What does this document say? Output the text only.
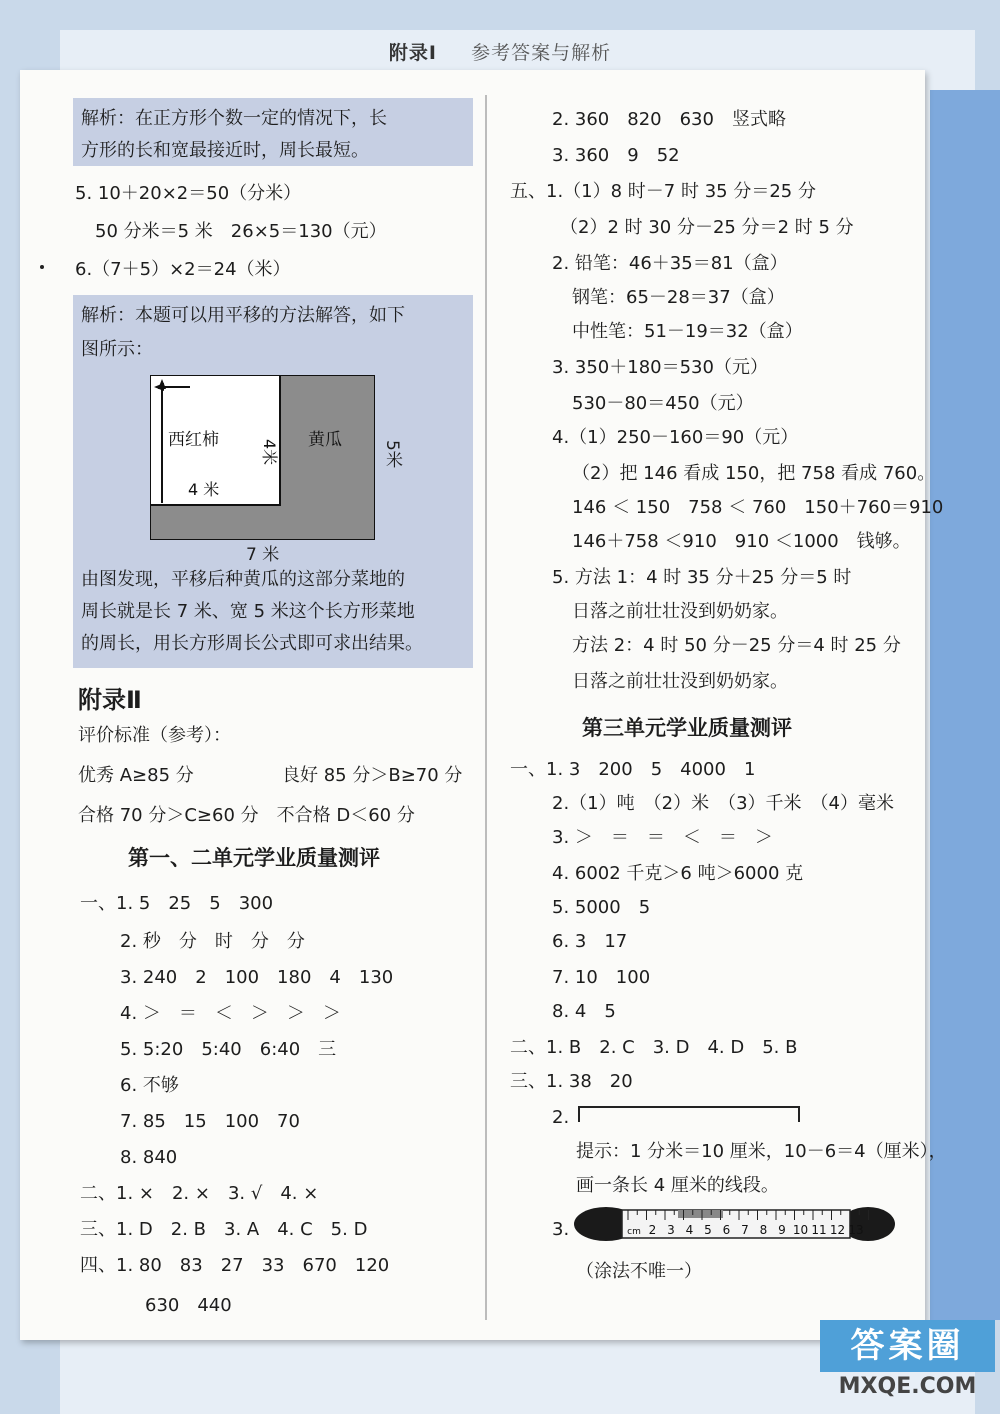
附录Ⅰ 　 参考答案与解析
解析：在正方形个数一定的情况下，长
方形的长和宽最接近时，周长最短。
5. 10＋20×2＝50（分米）
50 分米＝5 米　26×5＝130（元）
6.（7＋5）×2＝24（米）
解析：本题可以用平移的方法解答，如下
图所示：
由图发现，平移后种黄瓜的这部分菜地的
周长就是长 7 米、宽 5 米这个长方形菜地
的周长，用长方形周长公式即可求出结果。
西红柿	黄瓜
4 米
4米	5米
7 米
附录Ⅱ
评价标准（参考）：
优秀 A≥85 分	良好 85 分＞B≥70 分
合格 70 分＞C≥60 分　不合格 D＜60 分
第一、二单元学业质量测评
一、1. 5　25　5　300
2. 秒　分　时　分　分
3. 240　2　100　180　4　130
4. ＞　＝　＜　＞　＞　＞
5. 5:20　5:40　6:40　三
6. 不够
7. 85　15　100　70
8. 840
二、1. ×　2. ×　3. √　4. ×
三、1. D　2. B　3. A　4. C　5. D
四、1. 80　83　27　33　670　120
630　440
2. 360　820　630　竖式略
3. 360　9　52
五、1.（1）8 时－7 时 35 分＝25 分
（2）2 时 30 分－25 分＝2 时 5 分
2. 铅笔：46＋35＝81（盒）
钢笔：65－28＝37（盒）
中性笔：51－19＝32（盒）
3. 350＋180＝530（元）
530－80＝450（元）
4.（1）250－160＝90（元）
（2）把 146 看成 150，把 758 看成 760。
146 ＜ 150　758 ＜ 760　150＋760＝910
146＋758 ＜910　910 ＜1000　钱够。
5. 方法 1：4 时 35 分＋25 分＝5 时
日落之前壮壮没到奶奶家。
方法 2：4 时 50 分－25 分＝4 时 25 分
日落之前壮壮没到奶奶家。
第三单元学业质量测评
一、1. 3　200　5　4000　1
2.（1）吨　（2）米　（3）千米　（4）毫米
3. ＞　＝　＝　＜　＝　＞
4. 6002 千克＞6 吨＞6000 克
5. 5000　5
6. 3　17
7. 10　100
8. 4　5
二、1. B　2. C　3. D　4. D　5. B
三、1. 38　20
2.
提示：1 分米＝10 厘米，10－6＝4（厘米），
画一条长 4 厘米的线段。
3.
（涂法不唯一）
cm 2 3 4 5 6 7 8 9 10 11 12 13
答案圈
MXQE.COM
